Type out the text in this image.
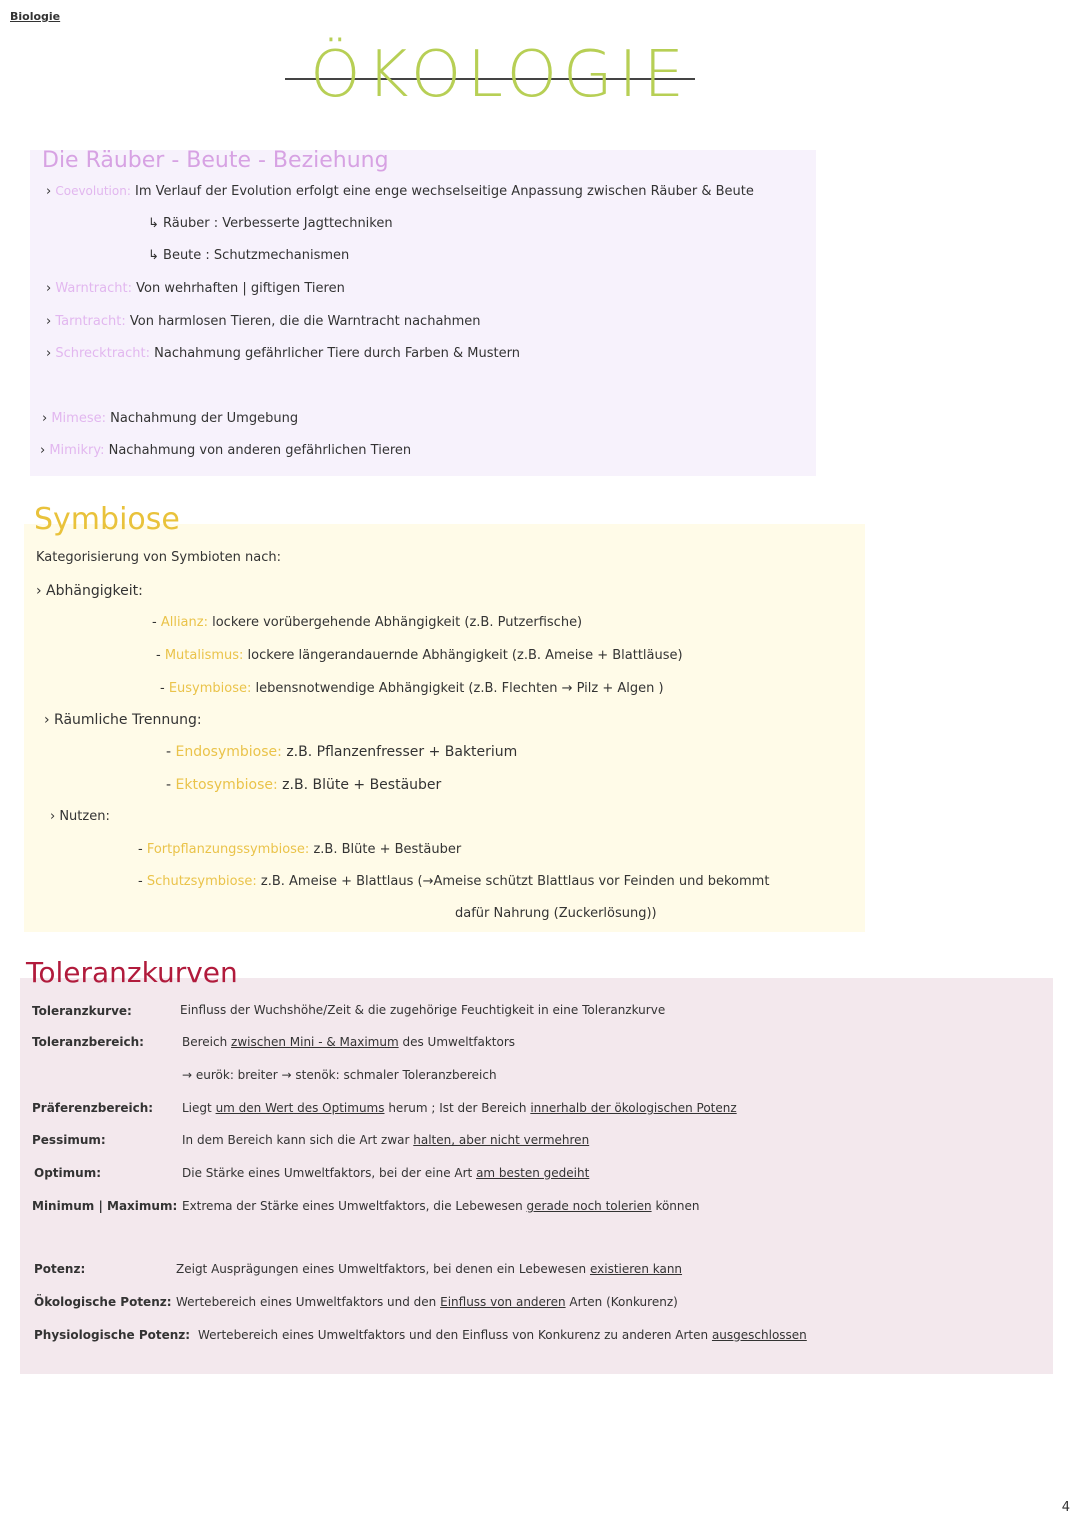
Biologie
ÖKOLOGIE
Die Räuber - Beute - Beziehung
› Coevolution: Im Verlauf der Evolution erfolgt eine enge wechselseitige Anpassung zwischen Räuber & Beute
↳ Räuber : Verbesserte Jagttechniken
↳ Beute : Schutzmechanismen
› Warntracht: Von wehrhaften | giftigen Tieren
› Tarntracht: Von harmlosen Tieren, die die Warntracht nachahmen
› Schrecktracht: Nachahmung gefährlicher Tiere durch Farben & Mustern
› Mimese: Nachahmung der Umgebung
› Mimikry: Nachahmung von anderen gefährlichen Tieren
Symbiose
Kategorisierung von Symbioten nach:
› Abhängigkeit:
- Allianz: lockere vorübergehende Abhängigkeit (z.B. Putzerfische)
- Mutalismus: lockere längerandauernde Abhängigkeit (z.B. Ameise + Blattläuse)
- Eusymbiose: lebensnotwendige Abhängigkeit (z.B. Flechten → Pilz + Algen )
› Räumliche Trennung:
- Endosymbiose: z.B. Pflanzenfresser + Bakterium
- Ektosymbiose: z.B. Blüte + Bestäuber
› Nutzen:
- Fortpflanzungssymbiose: z.B. Blüte + Bestäuber
- Schutzsymbiose: z.B. Ameise + Blattlaus (→Ameise schützt Blattlaus vor Feinden und bekommt
dafür Nahrung (Zuckerlösung))
Toleranzkurven
Toleranzkurve:	Einfluss der Wuchshöhe/Zeit & die zugehörige Feuchtigkeit in eine Toleranzkurve
Toleranzbereich:	Bereich zwischen Mini - & Maximum des Umweltfaktors
→ eurök: breiter → stenök: schmaler Toleranzbereich
Präferenzbereich: Liegt um den Wert des Optimums herum ; Ist der Bereich innerhalb der ökologischen Potenz
Pessimum:	In dem Bereich kann sich die Art zwar halten, aber nicht vermehren
Optimum:	Die Stärke eines Umweltfaktors, bei der eine Art am besten gedeiht
Minimum | Maximum: Extrema der Stärke eines Umweltfaktors, die Lebewesen gerade noch tolerien können
Potenz:	Zeigt Ausprägungen eines Umweltfaktors, bei denen ein Lebewesen existieren kann
Ökologische Potenz: Wertebereich eines Umweltfaktors und den Einfluss von anderen Arten (Konkurenz)
Physiologische Potenz: Wertebereich eines Umweltfaktors und den Einfluss von Konkurenz zu anderen Arten ausgeschlossen
4
